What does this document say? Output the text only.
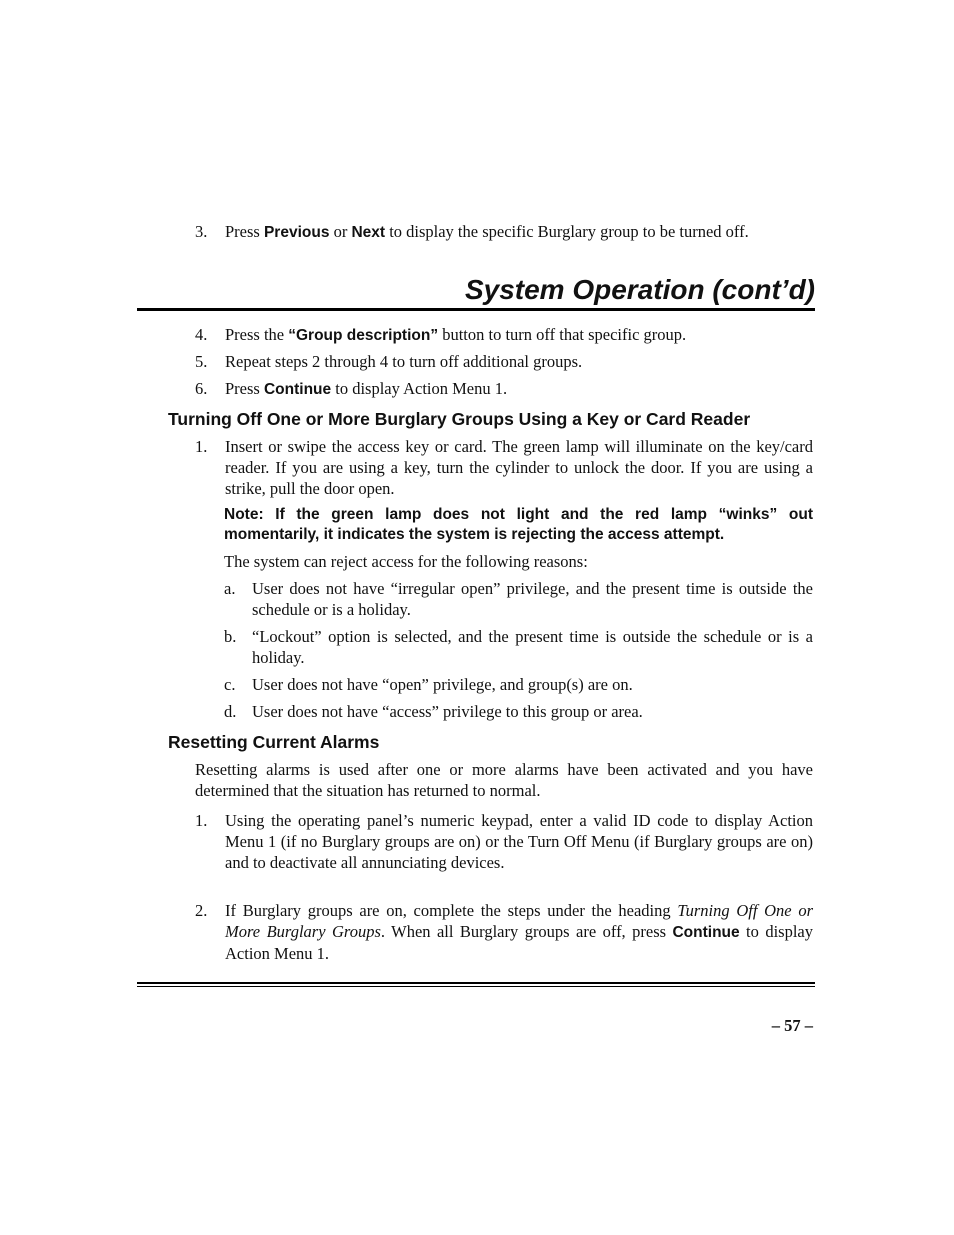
3.	Press Previous or Next to display the specific Burglary group to be turned off.
System Operation (cont’d)
4.	Press the “Group description” button to turn off that specific group.
5.	Repeat steps 2 through 4 to turn off additional groups.
6.	Press Continue to display Action Menu 1.
Turning Off One or More Burglary Groups Using a Key or Card Reader
1.	Insert or swipe the access key or card. The green lamp will illuminate on the key/card reader. If you are using a key, turn the cylinder to unlock the door. If you are using a strike, pull the door open.
Note: If the green lamp does not light and the red lamp “winks” out momentarily, it indicates the system is rejecting the access attempt.
The system can reject access for the following reasons:
a.	User does not have “irregular open” privilege, and the present time is outside the schedule or is a holiday.
b. “Lockout” option is selected, and the present time is outside the schedule or is a holiday.
c.	User does not have “open” privilege, and group(s) are on.
d. User does not have “access” privilege to this group or area.
Resetting Current Alarms
Resetting alarms is used after one or more alarms have been activated and you have determined that the situation has returned to normal.
1.	Using the operating panel’s numeric keypad, enter a valid ID code to display Action Menu 1 (if no Burglary groups are on) or the Turn Off Menu (if Burglary groups are on) and to deactivate all annunciating devices.
2.	If Burglary groups are on, complete the steps under the heading Turning Off One or More Burglary Groups. When all Burglary groups are off, press Continue to display Action Menu 1.
– 57 –
